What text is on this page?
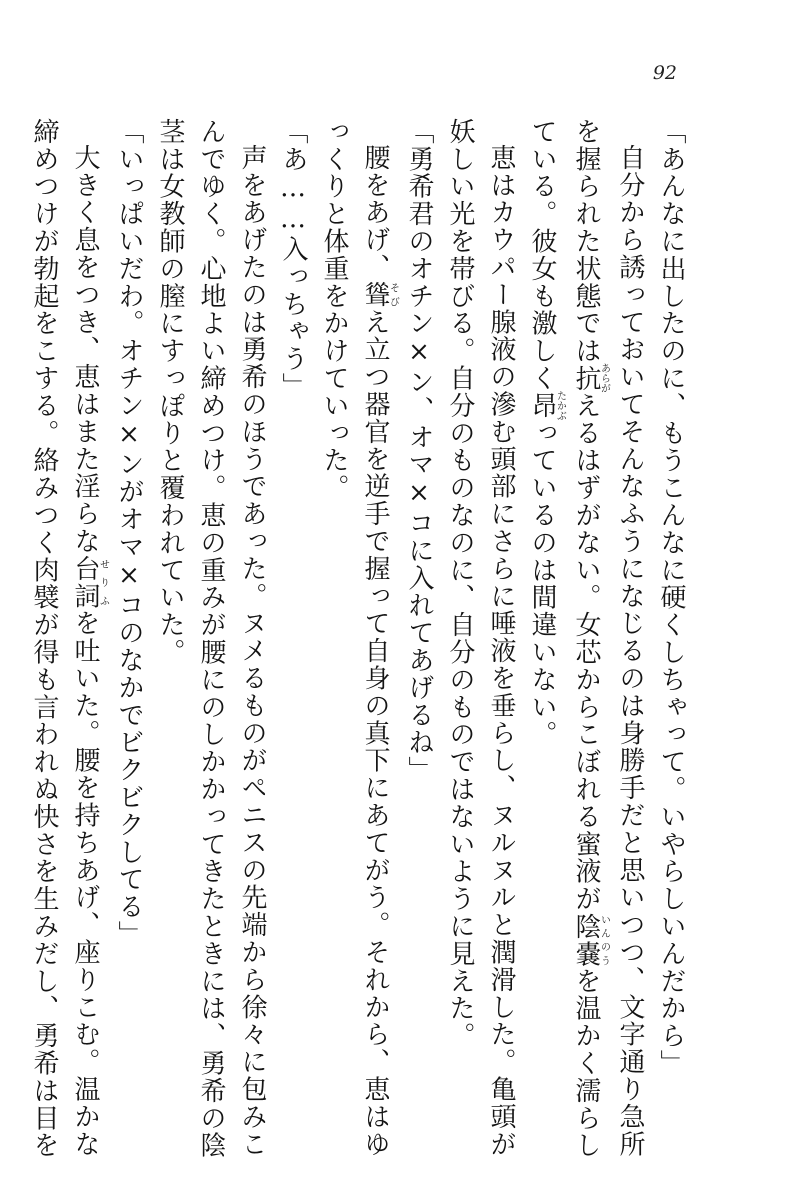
92
「あんなに出したのに、もうこんなに硬くしちゃって。いやらしいんだから」
自分から誘っておいてそんなふうになじるのは身勝手だと思いつつ、文字通り急所
を握られた状態では抗あらがえるはずがない。女芯からこぼれる蜜液が陰嚢いんのうを温かく濡らし
ている。彼女も激しく昂たかぶっているのは間違いない。
恵はカウパー腺液の滲む頭部にさらに唾液を垂らし、ヌルヌルと潤滑した。亀頭が
妖しい光を帯びる。自分のものなのに、自分のものではないように見えた。
「勇希君のオチン×ン、オマ×コに入れてあげるね」
腰をあげ、聳そびえ立つ器官を逆手で握って自身の真下にあてがう。それから、恵はゆ
っくりと体重をかけていった。
「あ……入っちゃう」
声をあげたのは勇希のほうであった。ヌメるものがペニスの先端から徐々に包みこ
んでゆく。心地よい締めつけ。恵の重みが腰にのしかかってきたときには、勇希の陰
茎は女教師の膣にすっぽりと覆われていた。
「いっぱいだわ。オチン×ンがオマ×コのなかでビクビクしてる」
大きく息をつき、恵はまた淫らな台詞せりふを吐いた。腰を持ちあげ、座りこむ。温かな
締めつけが勃起をこする。絡みつく肉襞が得も言われぬ快さを生みだし、勇希は目を
